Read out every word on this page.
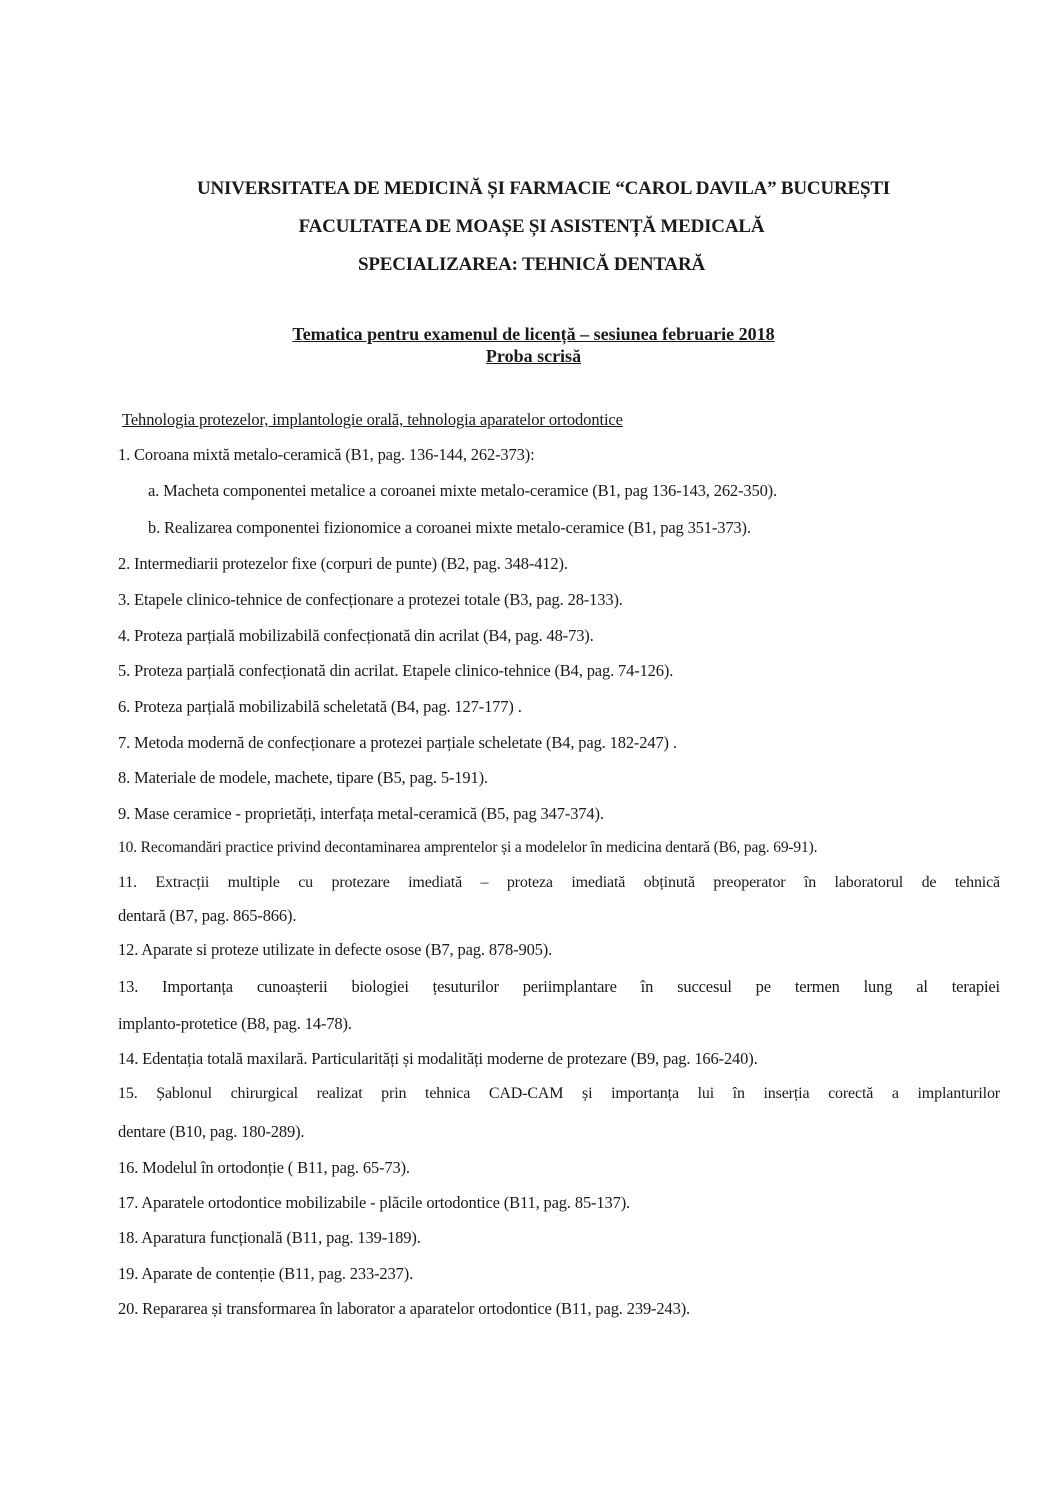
UNIVERSITATEA DE MEDICINĂ ȘI FARMACIE “CAROL DAVILA” BUCUREȘTI
FACULTATEA DE MOAȘE ȘI ASISTENȚĂ MEDICALĂ
SPECIALIZAREA: TEHNICĂ DENTARĂ
Tematica pentru examenul de licență – sesiunea februarie 2018
Proba scrisă
Tehnologia protezelor, implantologie orală, tehnologia aparatelor ortodontice
1. Coroana mixtă metalo-ceramică (B1, pag. 136-144, 262-373):
a. Macheta componentei metalice a coroanei mixte metalo-ceramice (B1, pag 136-143, 262-350).
b. Realizarea componentei fizionomice a coroanei mixte metalo-ceramice (B1, pag 351-373).
2. Intermediarii protezelor fixe (corpuri de punte) (B2, pag. 348-412).
3. Etapele clinico-tehnice de confecționare a protezei totale (B3, pag. 28-133).
4. Proteza parțială mobilizabilă confecționată din acrilat (B4, pag. 48-73).
5. Proteza parțială confecționată din acrilat. Etapele clinico-tehnice (B4, pag. 74-126).
6. Proteza parțială mobilizabilă scheletată (B4, pag. 127-177) .
7. Metoda modernă de confecționare a protezei parțiale scheletate (B4, pag. 182-247) .
8. Materiale de modele, machete, tipare (B5, pag. 5-191).
9. Mase ceramice - proprietăți, interfața metal-ceramică (B5, pag 347-374).
10. Recomandări practice privind decontaminarea amprentelor și a modelelor în medicina dentară (B6, pag. 69-91).
11. Extracții multiple cu protezare imediată – proteza imediată obținută preoperator în laboratorul de tehnică
dentară (B7, pag. 865-866).
12. Aparate si proteze utilizate in defecte osose (B7, pag. 878-905).
13. Importanța cunoașterii biologiei țesuturilor periimplantare în succesul pe termen lung al terapiei
implanto-protetice (B8, pag. 14-78).
14. Edentația totală maxilară. Particularități și modalități moderne de protezare (B9, pag. 166-240).
15. Șablonul chirurgical realizat prin tehnica CAD-CAM și importanța lui în inserția corectă a implanturilor
dentare (B10, pag. 180-289).
16. Modelul în ortodonție ( B11, pag. 65-73).
17. Aparatele ortodontice mobilizabile - plăcile ortodontice (B11, pag. 85-137).
18. Aparatura funcțională (B11, pag. 139-189).
19. Aparate de contenție (B11, pag. 233-237).
20. Repararea și transformarea în laborator a aparatelor ortodontice (B11, pag. 239-243).
